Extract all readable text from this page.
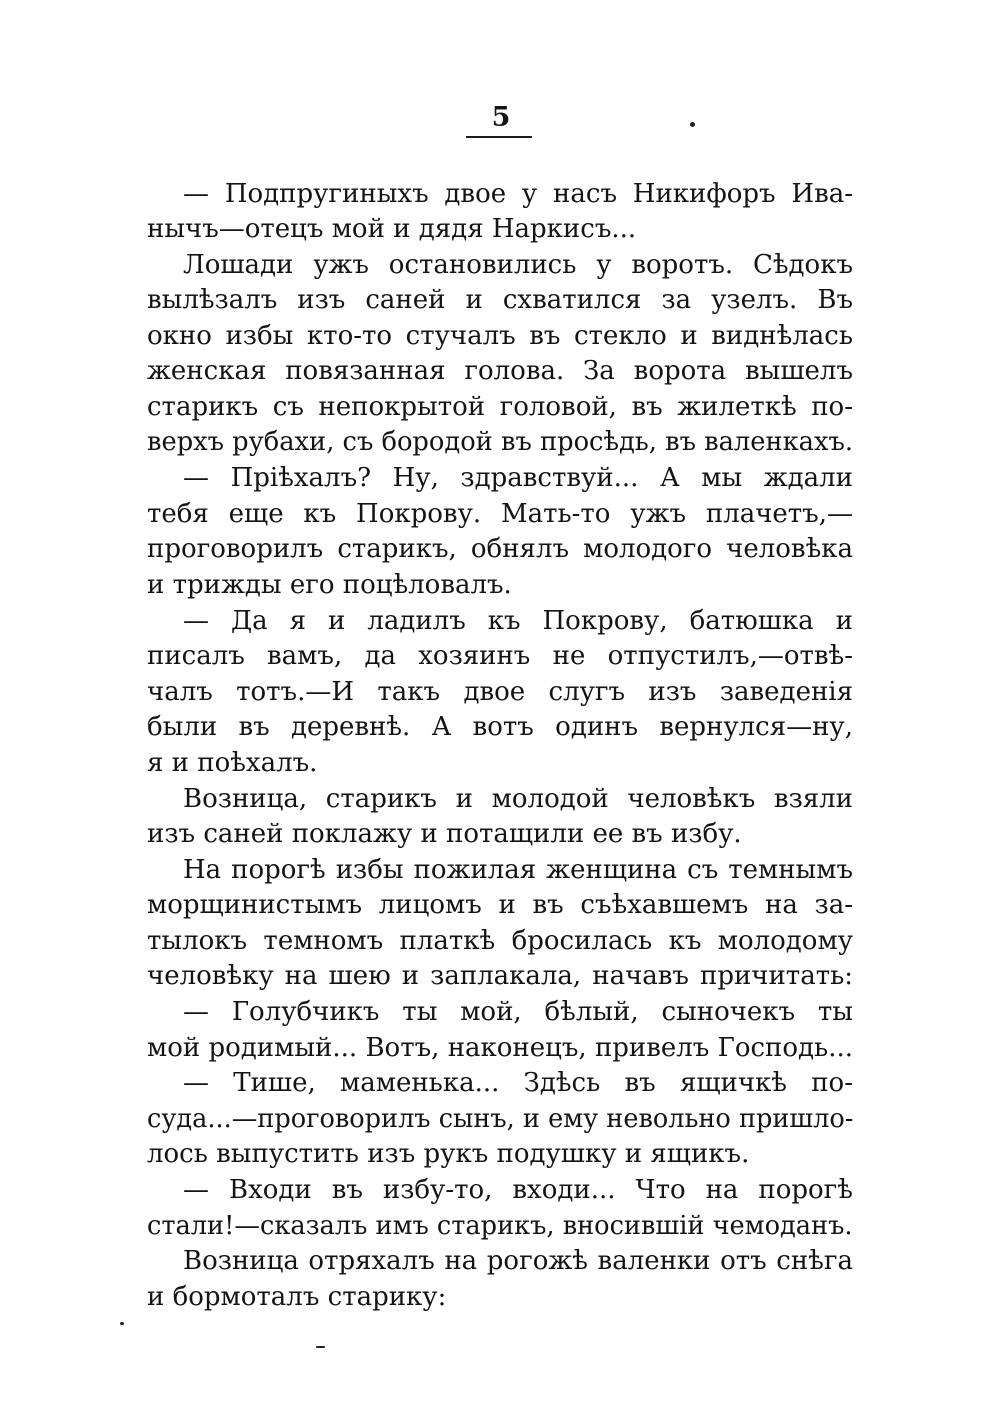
5
— Подпругиныхъ двое у насъ Никифоръ Ива-
нычъ—отецъ мой и дядя Наркисъ...
Лошади ужъ остановились у воротъ. Сѣдокъ
вылѣзалъ изъ саней и схватился за узелъ. Въ
окно избы кто-то стучалъ въ стекло и виднѣлась
женская повязанная голова. За ворота вышелъ
старикъ съ непокрытой головой, въ жилеткѣ по-
верхъ рубахи, съ бородой въ просѣдь, въ валенкахъ.
— Пріѣхалъ? Ну, здравствуй... А мы ждали
тебя еще къ Покрову. Мать-то ужъ плачетъ,—
проговорилъ старикъ, обнялъ молодого человѣка
и трижды его поцѣловалъ.
— Да я и ладилъ къ Покрову, батюшка и
писалъ вамъ, да хозяинъ не отпустилъ,—отвѣ-
чалъ тотъ.—И такъ двое слугъ изъ заведенія
были въ деревнѣ. А вотъ одинъ вернулся—ну,
я и поѣхалъ.
Возница, старикъ и молодой человѣкъ взяли
изъ саней поклажу и потащили ее въ избу.
На порогѣ избы пожилая женщина съ темнымъ
морщинистымъ лицомъ и въ съѣхавшемъ на за-
тылокъ темномъ платкѣ бросилась къ молодому
человѣку на шею и заплакала, начавъ причитать:
— Голубчикъ ты мой, бѣлый, сыночекъ ты
мой родимый... Вотъ, наконецъ, привелъ Господь...
— Тише, маменька... Здѣсь въ ящичкѣ по-
суда...—проговорилъ сынъ, и ему невольно пришло-
лось выпустить изъ рукъ подушку и ящикъ.
— Входи въ избу-то, входи... Что на порогѣ
стали!—сказалъ имъ старикъ, вносившій чемоданъ.
Возница отряхалъ на рогожѣ валенки отъ снѣга
и бормоталъ старику:
